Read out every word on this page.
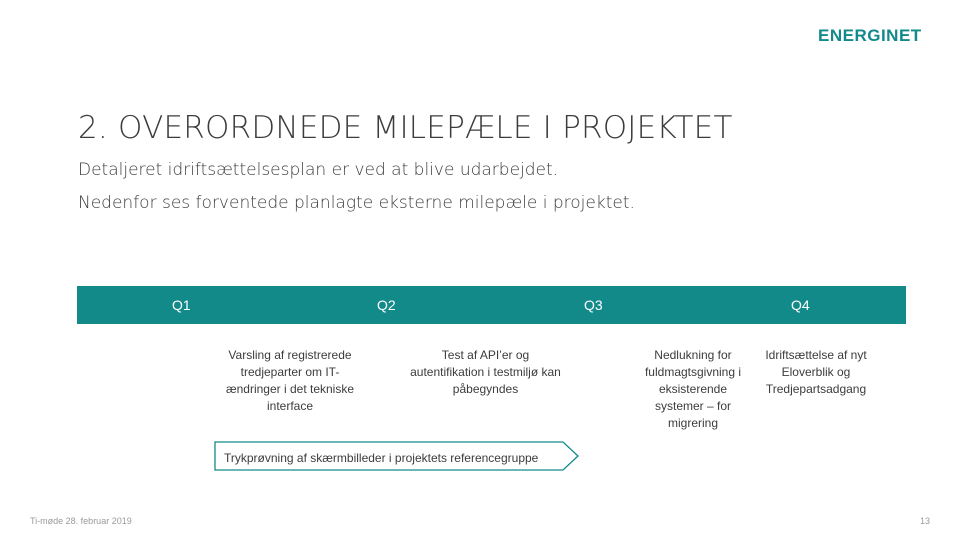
ENERGINET
2. OVERORDNEDE MILEPÆLE I PROJEKTET
Detaljeret idriftsættelsesplan er ved at blive udarbejdet.
Nedenfor ses forventede planlagte eksterne milepæle i projektet.
Q1	Q2	Q3	Q4
Varsling af registrerede tredjeparter om IT-ændringer i det tekniske interface
Test af API’er og autentifikation i testmiljø kan påbegyndes
Nedlukning for fuldmagtsgivning i eksisterende systemer – for migrering
Idriftsættelse af nyt Eloverblik og Tredjepartsadgang
Trykprøvning af skærmbilleder i projektets referencegruppe
Ti-møde 28. februar 2019	13
